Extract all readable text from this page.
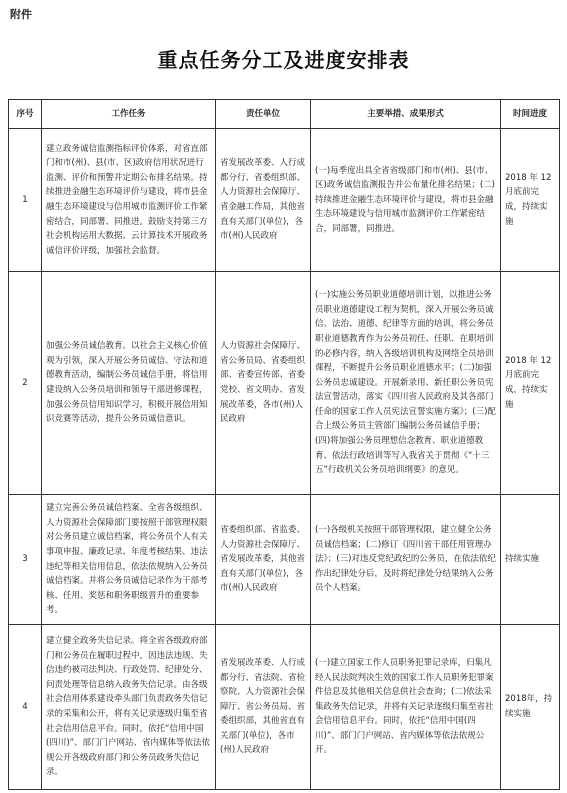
附件
重点任务分工及进度安排表
序号	工作任务	责任单位	主要举措、成果形式	时间进度
1	建立政务诚信监测指标评价体系，对省直部门和市(州)、县(市、区)政府信用状况进行监测、评价和预警并定期公布排名结果。持续推进金融生态环境评价与建设，将市县金融生态环境建设与信用城市监测评价工作紧密结合，同部署、同推进。鼓励支持第三方社会机构运用大数据、云计算技术开展政务诚信评价评级，加强社会监督。	省发展改革委、人行成都分行、省委组织部、人力资源社会保障厅、省金融工作局，其他省直有关部门(单位)，各市(州)人民政府	(一)每季度出具全省省级部门和市(州)、县(市、区)政务诚信监测报告并公布量化排名结果；(二)持续推进金融生态环境评价与建设，将市县金融生态环境建设与信用城市监测评价工作紧密结合，同部署，同推进。	2018 年 12 月底前完成，持续实施
2	加强公务员诚信教育。以社会主义核心价值观为引领，深入开展公务员诚信、守法和道德教育活动，编制公务员诚信手册，将信用建设纳入公务员培训和领导干部进修课程，加强公务员信用知识学习，积极开展信用知识竞赛等活动，提升公务员诚信意识。	人力资源社会保障厅、省公务员局、省委组织部、省委宣传部、省委党校、省文明办、省发展改革委，各市(州)人民政府	(一)实施公务员职业道德培训计划，以推进公务员职业道德建设工程为契机，深入开展公务员诚信、法治、道德、纪律等方面的培训，将公务员职业道德教育作为公务员初任、任职、在职培训的必修内容，纳入各级培训机构及网络全员培训课程，不断提升公务员职业道德水平；(二)加强公务员忠诚建设。开展新录用、新任职公务员宪法宣誓活动，落实《四川省人民政府及其各部门任命的国家工作人员宪法宣誓实施方案》；(三)配合上级公务员主管部门编制公务员诚信手册；(四)将加强公务员理想信念教育、职业道德教育、依法行政培训等写入我省关于贯彻《“十三五”行政机关公务员培训纲要》的意见。	2018 年 12 月底前完成，持续实施
3	建立完善公务员诚信档案。全省各级组织、人力资源社会保障部门要按照干部管理权限对公务员建立诚信档案，将公务员个人有关事项申报、廉政记录、年度考核结果、违法违纪等相关信用信息，依法依规纳入公务员诚信档案。并将公务员诚信记录作为干部考核、任用、奖惩和职务职级晋升的重要参考。	省委组织部、省监委、人力资源社会保障厅、省发展改革委，其他省直有关部门(单位)，各市(州)人民政府	(一)各级机关按照干部管理权限，建立健全公务员诚信档案；(二)修订《四川省干部任用管理办法》；(三)对违反党纪政纪的公务员，在依法依纪作出纪律处分后，及时将纪律处分结果纳入公务员个人档案。	持续实施
4	建立健全政务失信记录。将全省各级政府部门和公务员在履职过程中，因违法违规、失信违约被司法判决、行政处罚、纪律处分、问责处理等信息纳入政务失信记录。由各级社会信用体系建设牵头部门负责政务失信记录的采集和公开，将有关记录逐级归集至省社会信用信息平台。同时，依托“信用中国(四川)”、部门门户网站、省内媒体等依法依规公开各级政府部门和公务员政务失信记录。	省发展改革委、人行成都分行、省法院、省检察院、人力资源社会保障厅、省公务员局、省委组织部，其他省直有关部门(单位)，各市(州)人民政府	(一)建立国家工作人员职务犯罪记录库，归集凡经人民法院判决生效的国家工作人员职务犯罪案件信息及其他相关信息供社会查询；(二)依法采集政务失信记录，并将有关记录逐级归集至省社会信用信息平台。同时，依托“信用中国(四川)”、部门门户网站、省内媒体等依法依规公开。	2018年，持续实施
